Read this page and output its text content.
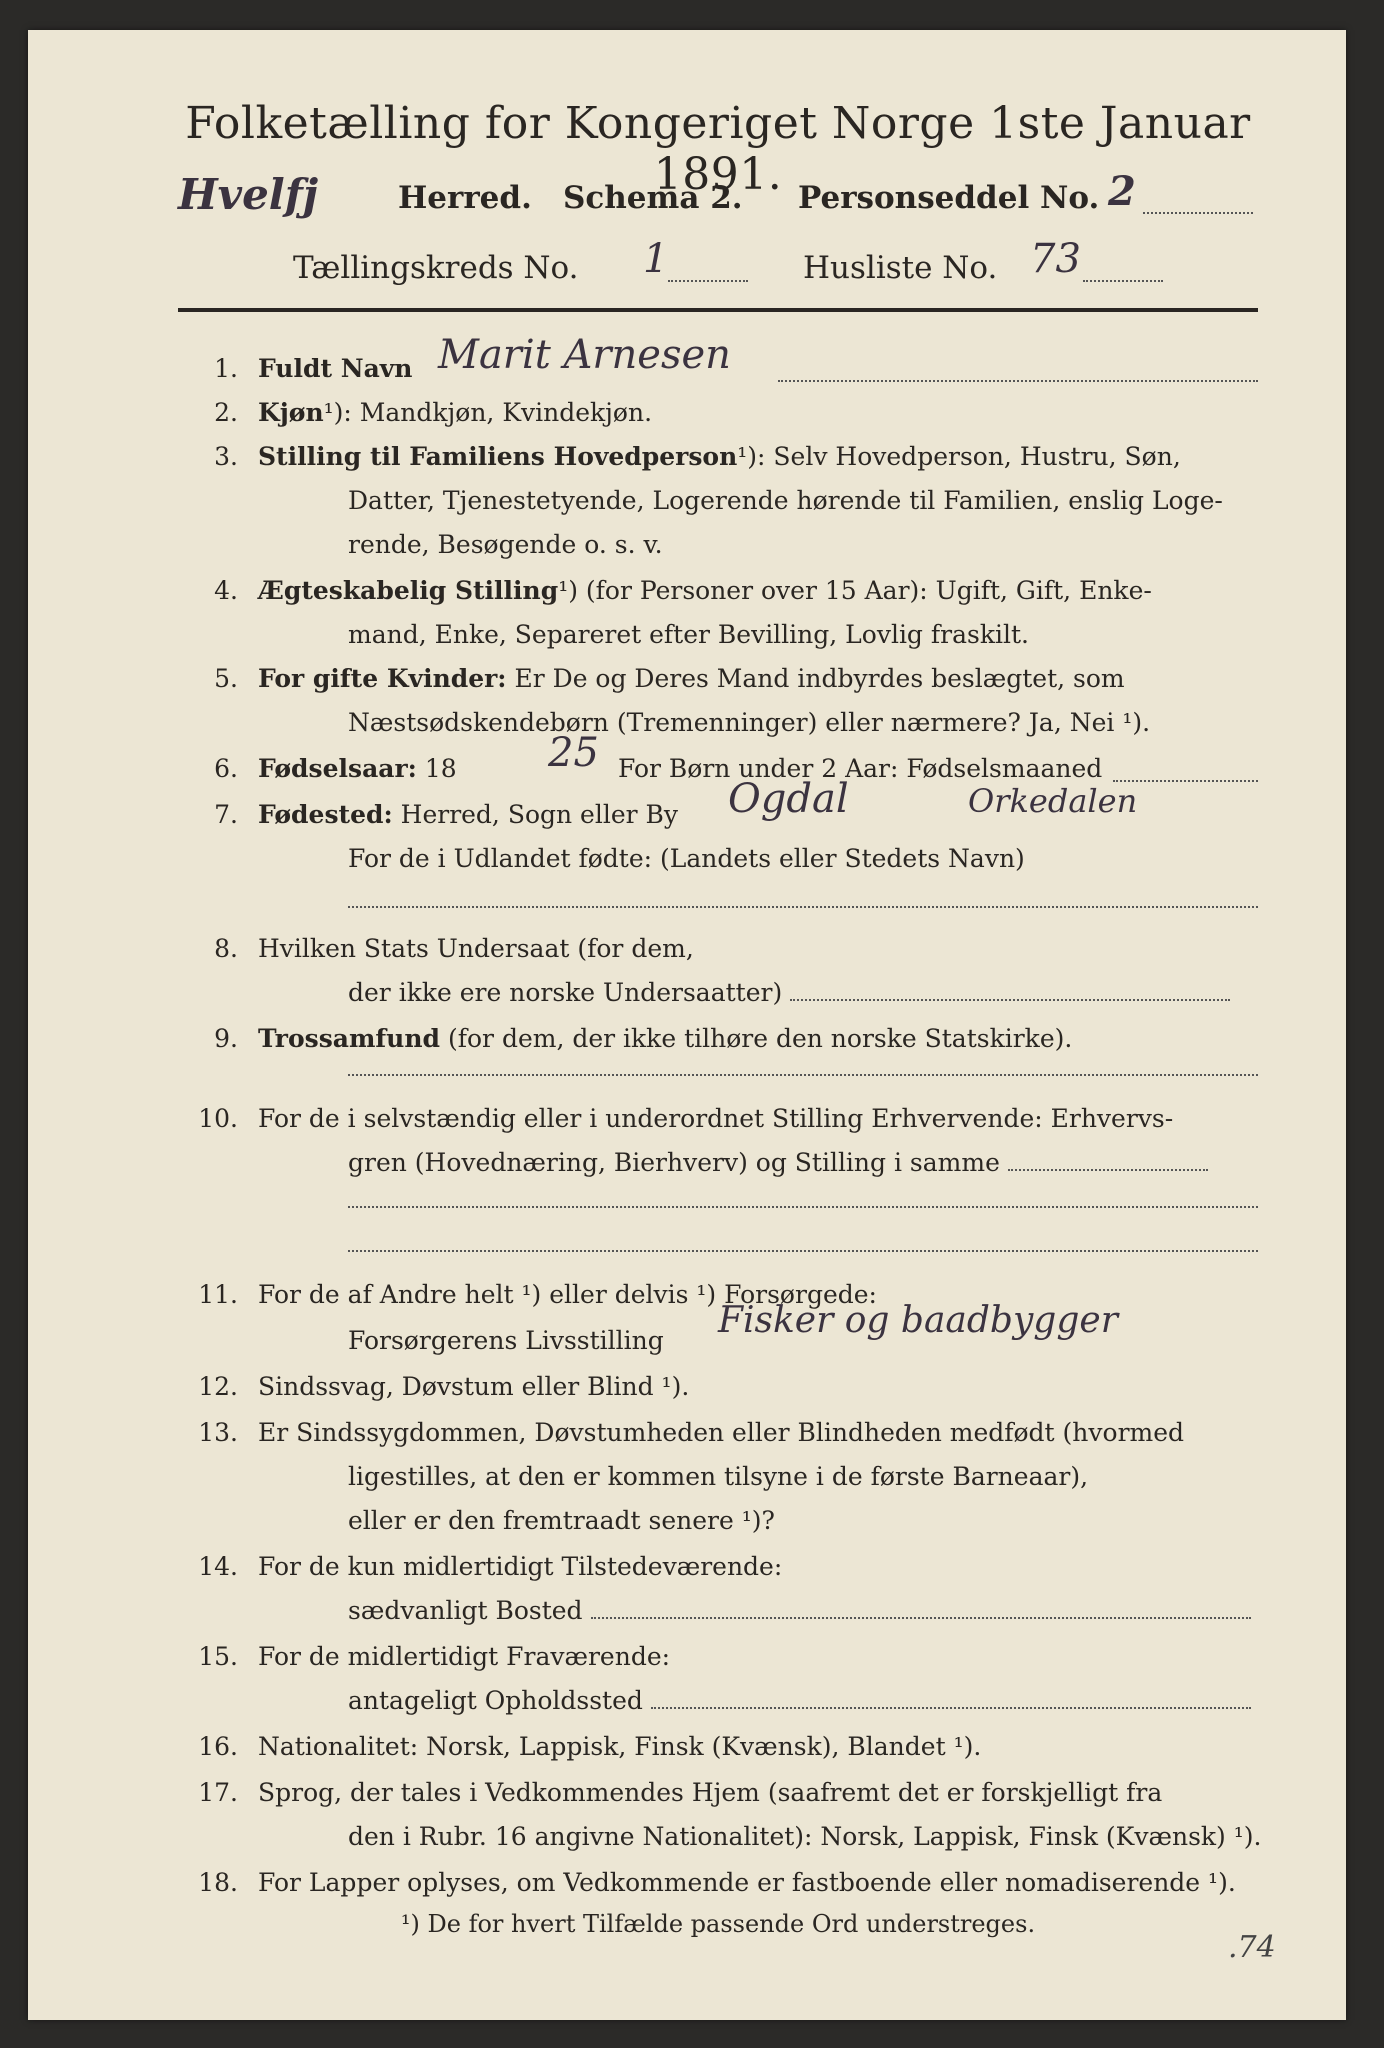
Folketælling for Kongeriget Norge 1ste Januar 1891.
Hvelfj	Herred. Schema 2. Personseddel No. 2
Tællingskreds No. 1	Husliste No. 73
1. Fuldt Navn Marit Arnesen
2. Kjøn¹): Mandkjøn, Kvindekjøn.
3. Stilling til Familiens Hovedperson¹): Selv Hovedperson, Hustru, Søn,
Datter, Tjenestetyende, Logerende hørende til Familien, enslig Loge-
rende, Besøgende o. s. v.
4. Ægteskabelig Stilling¹) (for Personer over 15 Aar): Ugift, Gift, Enke-
mand, Enke, Separeret efter Bevilling, Lovlig fraskilt.
5. For gifte Kvinder: Er De og Deres Mand indbyrdes beslægtet, som
Næstsødskendebørn (Tremenninger) eller nærmere? Ja, Nei ¹).
6. Fødselsaar: 18	25 For Børn under 2 Aar: Fødselsmaaned
7. Fødested: Herred, Sogn eller By	Ogdal	Orkedalen
For de i Udlandet fødte: (Landets eller Stedets Navn)
8. Hvilken Stats Undersaat (for dem,
der ikke ere norske Undersaatter)
9. Trossamfund (for dem, der ikke tilhøre den norske Statskirke).
10. For de i selvstændig eller i underordnet Stilling Erhvervende: Erhvervs-
gren (Hovednæring, Bierhverv) og Stilling i samme
11. For de af Andre helt ¹) eller delvis ¹) Forsørgede:
Forsørgerens Livsstilling	Fisker og baadbygger
12. Sindssvag, Døvstum eller Blind ¹).
13. Er Sindssygdommen, Døvstumheden eller Blindheden medfødt (hvormed
ligestilles, at den er kommen tilsyne i de første Barneaar),
eller er den fremtraadt senere ¹)?
14. For de kun midlertidigt Tilstedeværende:
sædvanligt Bosted
15. For de midlertidigt Fraværende:
antageligt Opholdssted
16. Nationalitet: Norsk, Lappisk, Finsk (Kvænsk), Blandet ¹).
17. Sprog, der tales i Vedkommendes Hjem (saafremt det er forskjelligt fra
den i Rubr. 16 angivne Nationalitet): Norsk, Lappisk, Finsk (Kvænsk) ¹).
18. For Lapper oplyses, om Vedkommende er fastboende eller nomadiserende ¹).
¹) De for hvert Tilfælde passende Ord understreges.
.74
